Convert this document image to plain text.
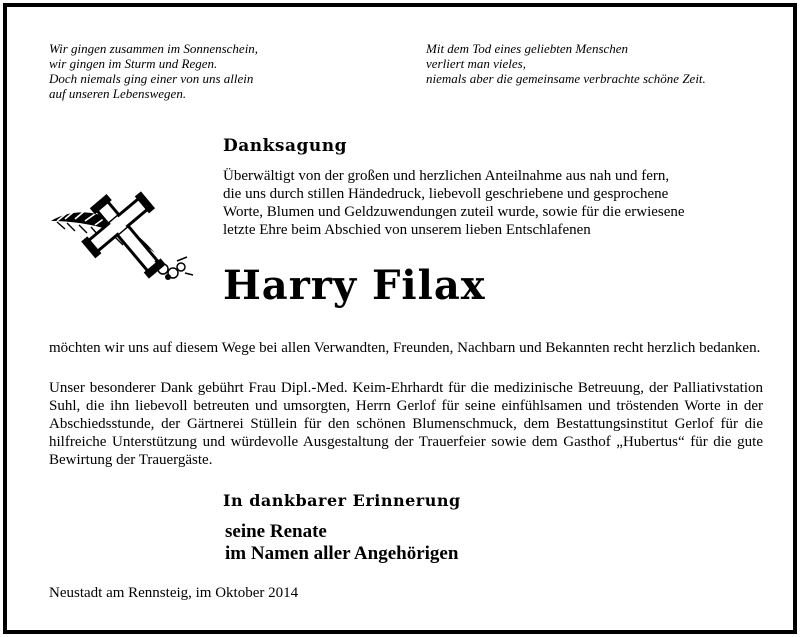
Wir gingen zusammen im Sonnenschein,
wir gingen im Sturm und Regen.
Doch niemals ging einer von uns allein
auf unseren Lebenswegen.
Mit dem Tod eines geliebten Menschen
verliert man vieles,
niemals aber die gemeinsame verbrachte schöne Zeit.
Danksagung
Überwältigt von der großen und herzlichen Anteilnahme aus nah und fern,
die uns durch stillen Händedruck, liebevoll geschriebene und gesprochene
Worte, Blumen und Geldzuwendungen zuteil wurde, sowie für die erwiesene
letzte Ehre beim Abschied von unserem lieben Entschlafenen
Harry Filax
möchten wir uns auf diesem Wege bei allen Verwandten, Freunden, Nachbarn und Bekannten recht herzlich bedanken.
Unser besonderer Dank gebührt Frau Dipl.-Med. Keim-Ehrhardt für die medizinische Betreuung, der Palliativstation Suhl, die ihn liebevoll betreuten und umsorgten, Herrn Gerlof für seine einfühlsamen und tröstenden Worte in der Abschiedsstunde, der Gärtnerei Stüllein für den schönen Blumenschmuck, dem Bestattungsinstitut Gerlof für die hilfreiche Unterstützung und würdevolle Ausgestaltung der Trauerfeier sowie dem Gasthof „Hubertus“ für die gute Bewirtung der Trauergäste.
In dankbarer Erinnerung
seine Renate
im Namen aller Angehörigen
Neustadt am Rennsteig, im Oktober 2014
